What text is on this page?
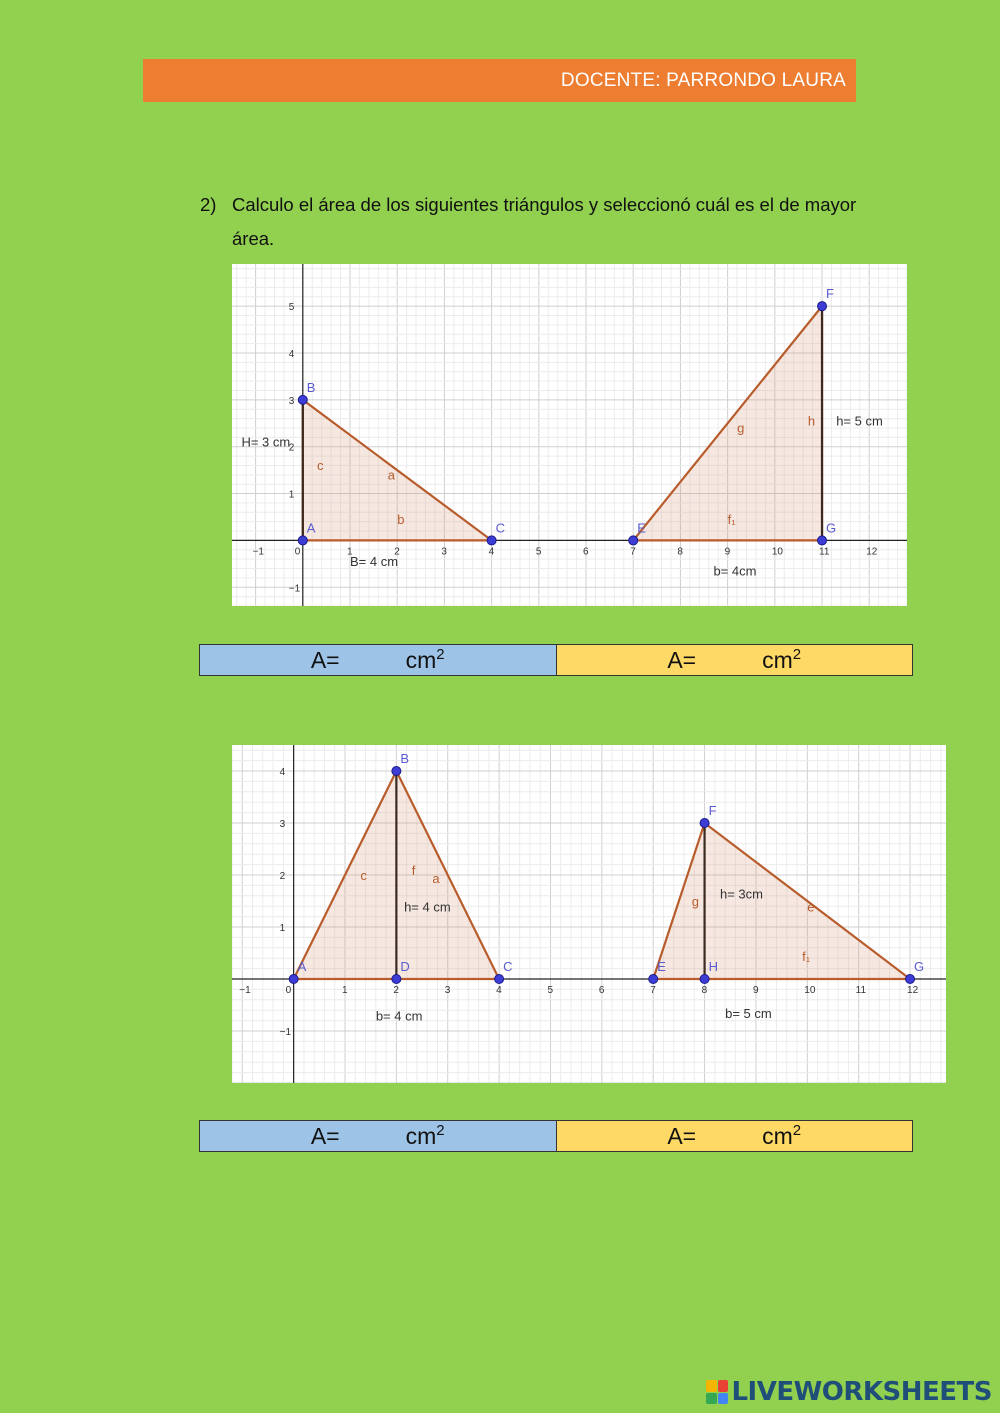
DOCENTE: PARRONDO LAURA
2) Calculo el área de los siguientes triángulos y seleccionó cuál es el de mayor área.
−1	0	1	2	3	4	5	6	7	8	9	10	11	12
−1
1
2
3
4
5
H= 3 cm
B= 4 cm
h= 5 cm
b= 4cm
a
b
c
g	h
f₁
B
A	C	E
F
G
A=	$cm^2$	A=	$cm^2$
−1	0	1	2	3	4	5	6	7	8	9	10	11	12
−1
1
2
3
4
h= 4 cm
b= 4 cm
h= 3cm
b= 5 cm
c	f
a
g	e
f₁
A
B
C
D	E
F
H	G
A=	$cm^2$	A=	$cm^2$
LIVEWORKSHEETS
